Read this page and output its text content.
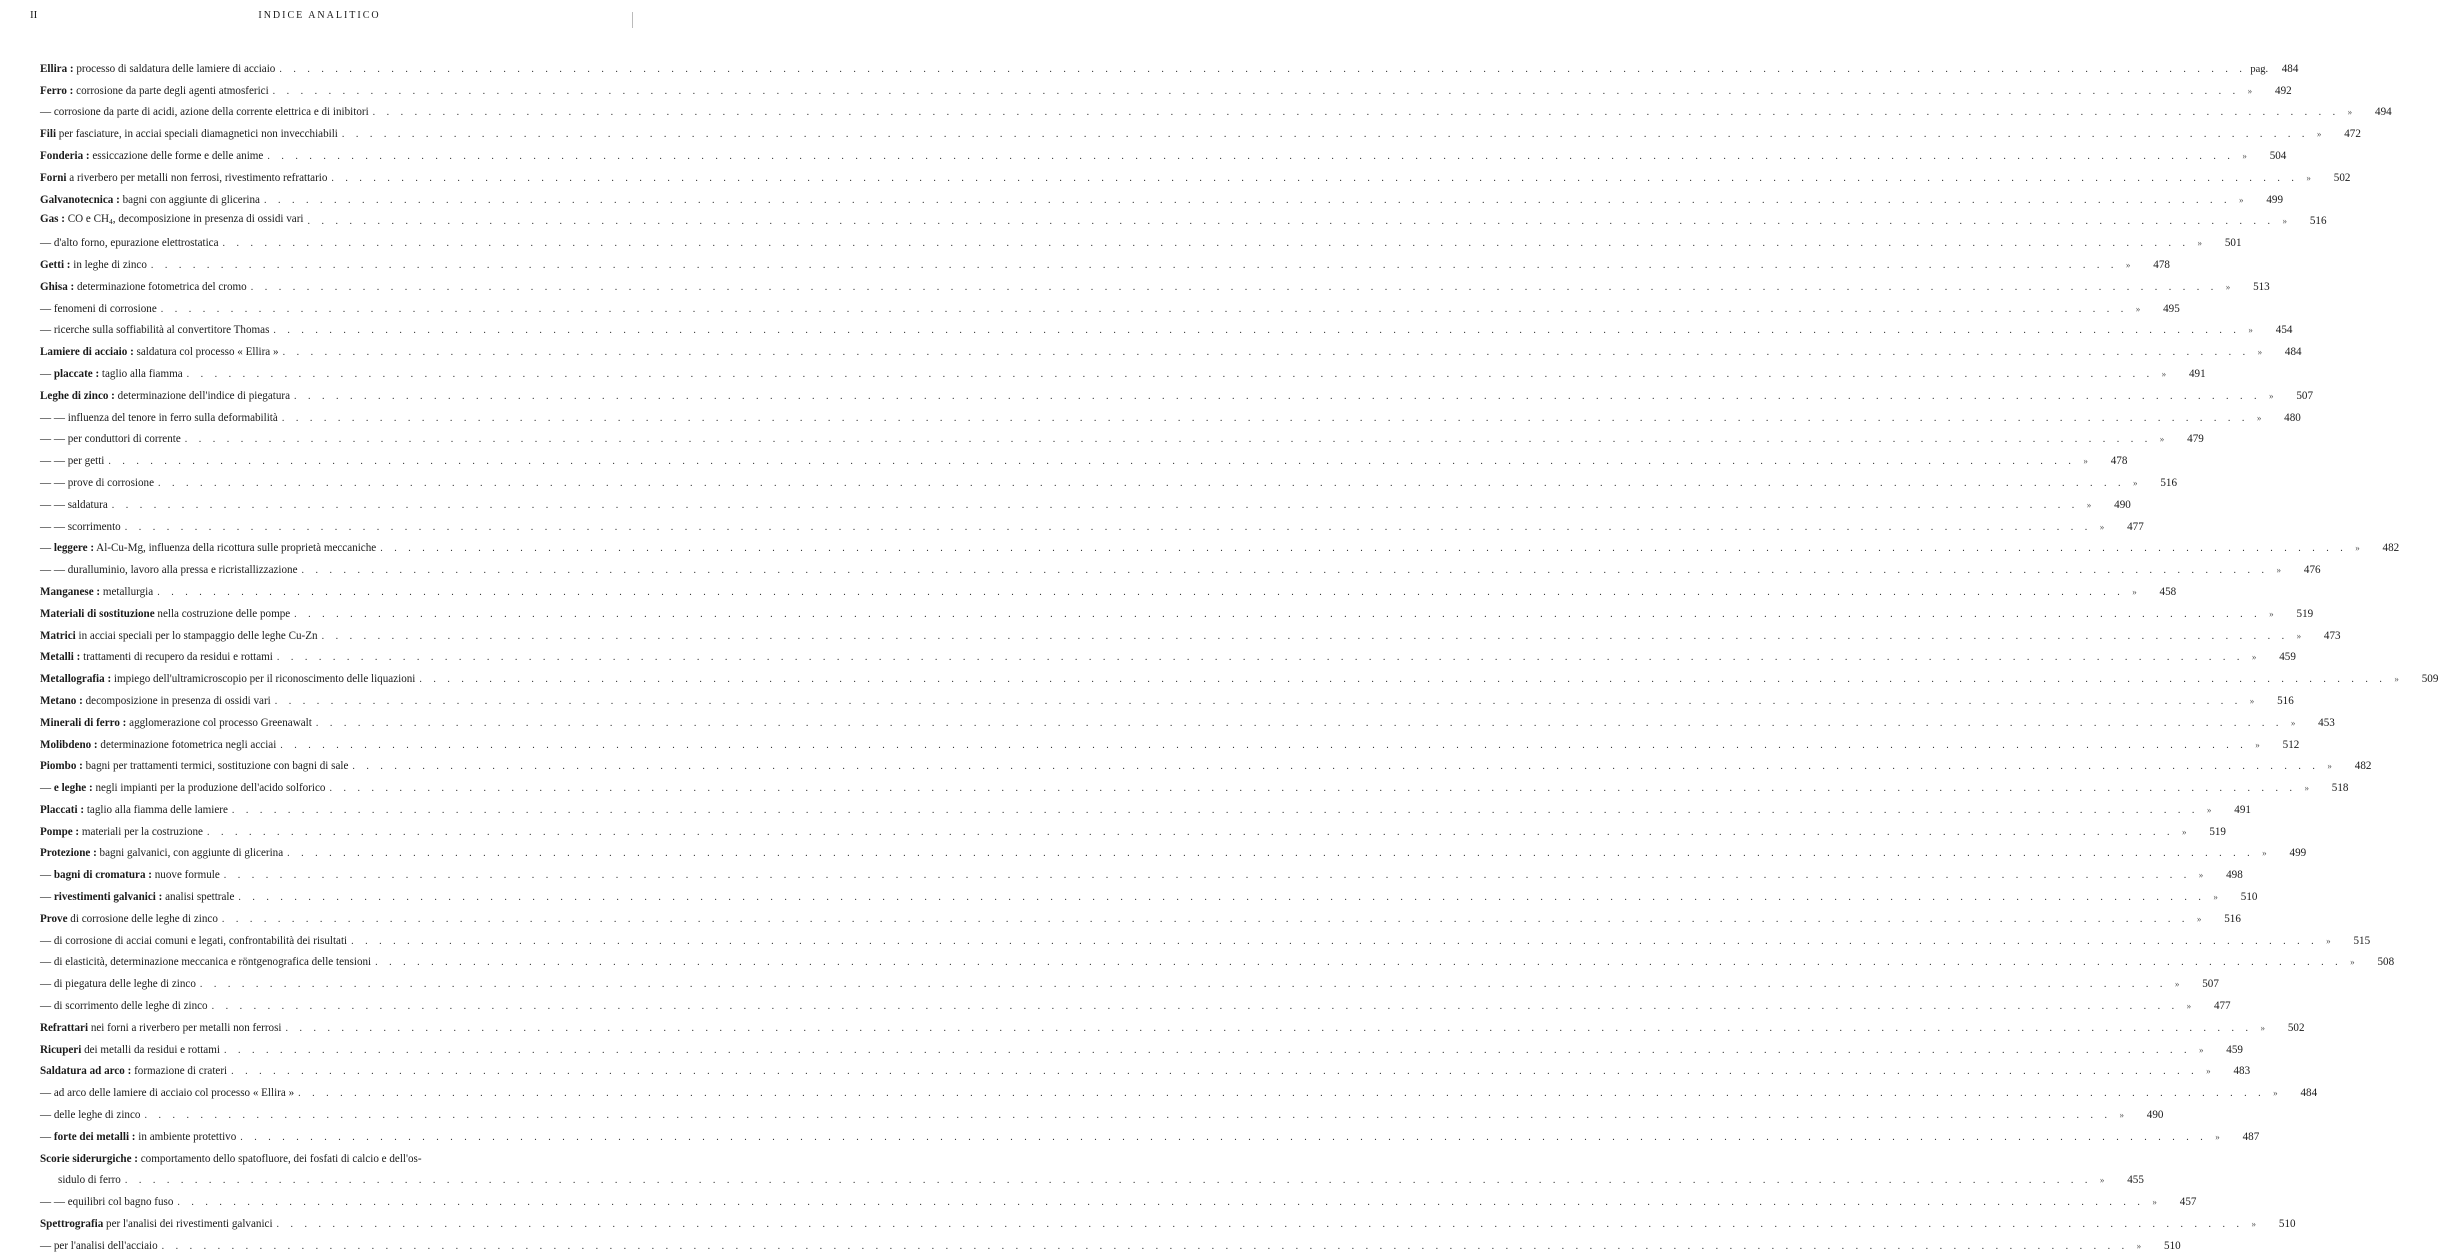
II	INDICE ANALITICO
Ellira : processo di saldatura delle lamiere di acciaio . . .	pag. 484
Ferro : corrosione da parte degli agenti atmosferici . . .	» 492
— corrosione da parte di acidi, azione della corrente elettrica e di inibitori . . .	» 494
Fili per fasciature, in acciai speciali diamagnetici non invecchiabili . . .	» 472
Fonderia : essiccazione delle forme e delle anime . . .	» 504
Forni a riverbero per metalli non ferrosi, rivestimento refrattario . . .	» 502
Galvanotecnica : bagni con aggiunte di glicerina . . .	» 499
Gas : CO e $CH_4$, decomposizione in presenza di ossidi vari . . .	» 516
— d'alto forno, epurazione elettrostatica . . .	» 501
Getti : in leghe di zinco . . .	» 478
Ghisa : determinazione fotometrica del cromo . . .	» 513
— fenomeni di corrosione . . .	» 495
— ricerche sulla soffiabilità al convertitore Thomas . . .	» 454
Lamiere di acciaio : saldatura col processo « Ellira » . . .	» 484
— placcate : taglio alla fiamma . . .	» 491
Leghe di zinco : determinazione dell'indice di piegatura . . .	» 507
— — influenza del tenore in ferro sulla deformabilità . . .	» 480
— — per conduttori di corrente . . .	» 479
— — per getti . . .	» 478
— — prove di corrosione . . .	» 516
— — saldatura . . .	» 490
— — scorrimento . . .	» 477
— leggere : Al-Cu-Mg, influenza della ricottura sulle proprietà meccaniche . . .	» 482
— — duralluminio, lavoro alla pressa e ricristallizzazione . . .	» 476
Manganese : metallurgia . . .	» 458
Materiali di sostituzione nella costruzione delle pompe . . .	» 519
Matrici in acciai speciali per lo stampaggio delle leghe Cu-Zn . . .	» 473
Metalli : trattamenti di recupero da residui e rottami . . .	» 459
Metallografia : impiego dell'ultramicroscopio per il riconoscimento delle liquazioni . . .	» 509
Metano : decomposizione in presenza di ossidi vari . . .	» 516
Minerali di ferro : agglomerazione col processo Greenawalt . . .	» 453
Molibdeno : determinazione fotometrica negli acciai . . .	» 512
Piombo : bagni per trattamenti termici, sostituzione con bagni di sale . . .	» 482
— e leghe : negli impianti per la produzione dell'acido solforico . . .	» 518
Placcati : taglio alla fiamma delle lamiere . . .	» 491
Pompe : materiali per la costruzione . . .	» 519
Protezione : bagni galvanici, con aggiunte di glicerina . . .	» 499
— bagni di cromatura : nuove formule . . .	» 498
— rivestimenti galvanici : analisi spettrale . . .	» 510
Prove di corrosione delle leghe di zinco . . .	» 516
— di corrosione di acciai comuni e legati, confrontabilità dei risultati . . .	» 515
— di elasticità, determinazione meccanica e röntgenografica delle tensioni . . .	» 508
— di piegatura delle leghe di zinco . . .	» 507
— di scorrimento delle leghe di zinco . . .	» 477
Refrattari nei forni a riverbero per metalli non ferrosi . . .	» 502
Ricuperi dei metalli da residui e rottami . . .	» 459
Saldatura ad arco : formazione di crateri . . .	» 483
— ad arco delle lamiere di acciaio col processo « Ellira » . . .	» 484
— delle leghe di zinco . . .	» 490
— forte dei metalli : in ambiente protettivo . . .	» 487
Scorie siderurgiche : comportamento dello spatofluore, dei fosfati di calcio e dell'os-
sidulo di ferro . . .	» 455
— — equilibri col bagno fuso . . .	» 457
Spettrografia per l'analisi dei rivestimenti galvanici . . .	» 510
— per l'analisi dell'acciaio . . .	» 510
